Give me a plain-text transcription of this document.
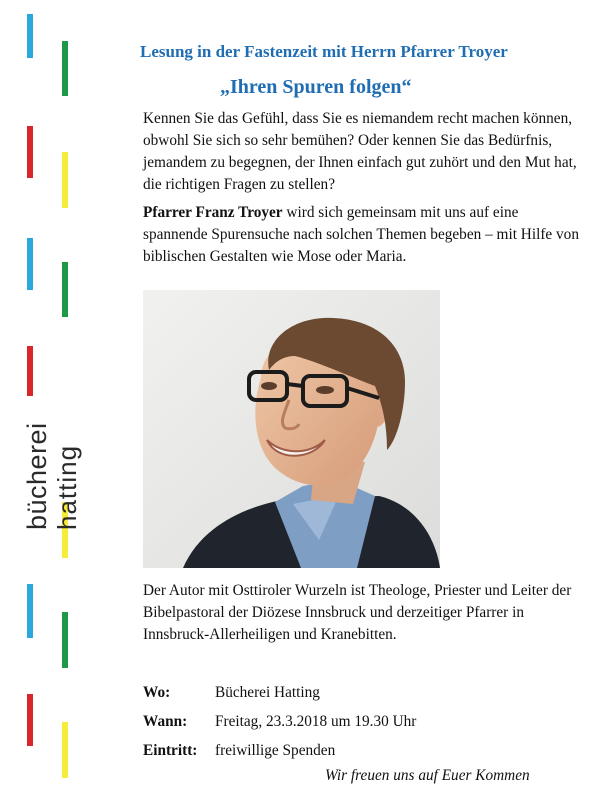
bücherei hatting
Lesung in der Fastenzeit mit Herrn Pfarrer Troyer
„Ihren Spuren folgen“

Kennen Sie das Gefühl, dass Sie es niemandem recht machen können, obwohl Sie sich so sehr bemühen? Oder kennen Sie das Bedürfnis, jemandem zu begegnen, der Ihnen einfach gut zuhört und den Mut hat, die richtigen Fragen zu stellen?

Pfarrer Franz Troyer wird sich gemeinsam mit uns auf eine spannende Spurensuche nach solchen Themen begeben – mit Hilfe von biblischen Gestalten wie Mose oder Maria.

Der Autor mit Osttiroler Wurzeln ist Theologe, Priester und Leiter der Bibelpastoral der Diözese Innsbruck und derzeitiger Pfarrer in Innsbruck-Allerheiligen und Kranebitten.

Wo:	Bücherei Hatting
Wann: Freitag, 23.3.2018 um 19.30 Uhr
Eintritt: freiwillige Spenden
Wir freuen uns auf Euer Kommen
